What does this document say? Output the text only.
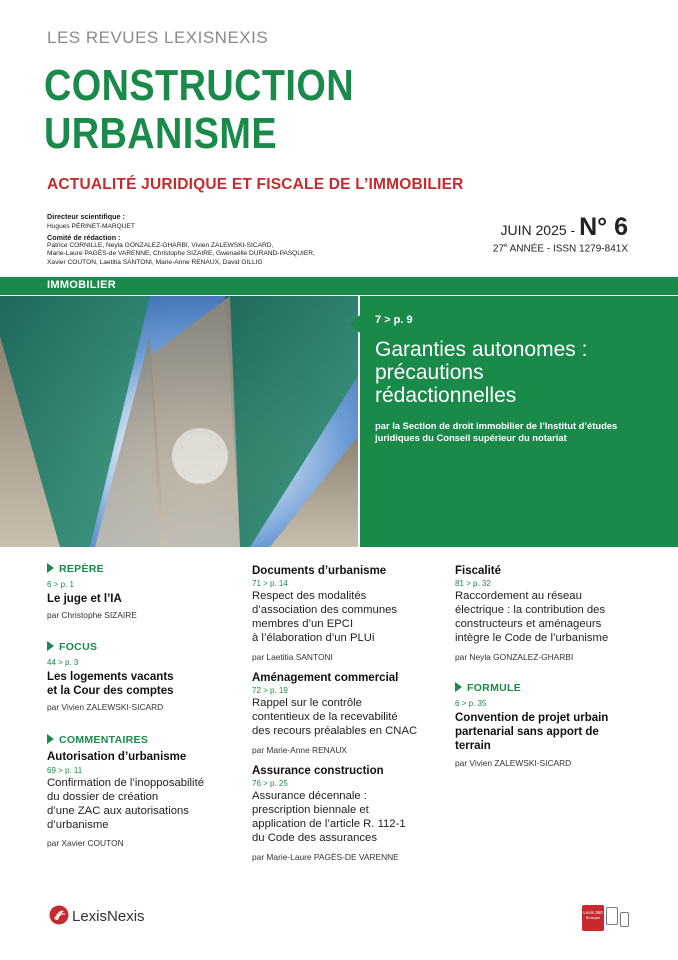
LES REVUES LEXISNEXIS
CONSTRUCTION
URBANISME
ACTUALITÉ JURIDIQUE ET FISCALE DE L’IMMOBILIER
Directeur scientifique :
Hugues PÉRINET-MARQUET
Comité de rédaction :
Patrice CORNILLE, Neyla GONZALEZ-GHARBI, Vivien ZALEWSKI-SICARD,
Marie-Laure PAGÈS-de VARENNE, Christophe SIZAIRE, Gwenaëlle DURAND-PASQUIER,
Xavier COUTON, Laetitia SANTONI, Marie-Anne RENAUX, David GILLIG
JUIN 2025 - N° 6
27e ANNÉE - ISSN 1279-841X
IMMOBILIER
7 > p. 9
Garanties autonomes :
précautions
rédactionnelles
par la Section de droit immobilier de l’Institut d’études
juridiques du Conseil supérieur du notariat
REPÈRE
6 > p. 1
Le juge et l’IA
par Christophe SIZAIRE
FOCUS
44 > p. 3
Les logements vacants
et la Cour des comptes
par Vivien ZALEWSKI-SICARD
COMMENTAIRES
Autorisation d’urbanisme
69 > p. 11
Confirmation de l’inopposabilité
du dossier de création
d’une ZAC aux autorisations
d’urbanisme
par Xavier COUTON
Documents d’urbanisme
71 > p. 14
Respect des modalités
d’association des communes
membres d’un EPCI
à l’élaboration d’un PLUi
par Laetitia SANTONI
Aménagement commercial
72 > p. 19
Rappel sur le contrôle
contentieux de la recevabilité
des recours préalables en CNAC
par Marie-Anne RENAUX
Assurance construction
76 > p. 25
Assurance décennale :
prescription biennale et
application de l’article R. 112-1
du Code des assurances
par Marie-Laure PAGÈS-DE VARENNE
Fiscalité
81 > p. 32
Raccordement au réseau
électrique : la contribution des
constructeurs et aménageurs
intègre le Code de l’urbanisme
par Neyla GONZALEZ-GHARBI
FORMULE
6 > p. 35
Convention de projet urbain
partenarial sans apport de
terrain
par Vivien ZALEWSKI-SICARD
LexisNexis	Lexis 360
Kiosque
